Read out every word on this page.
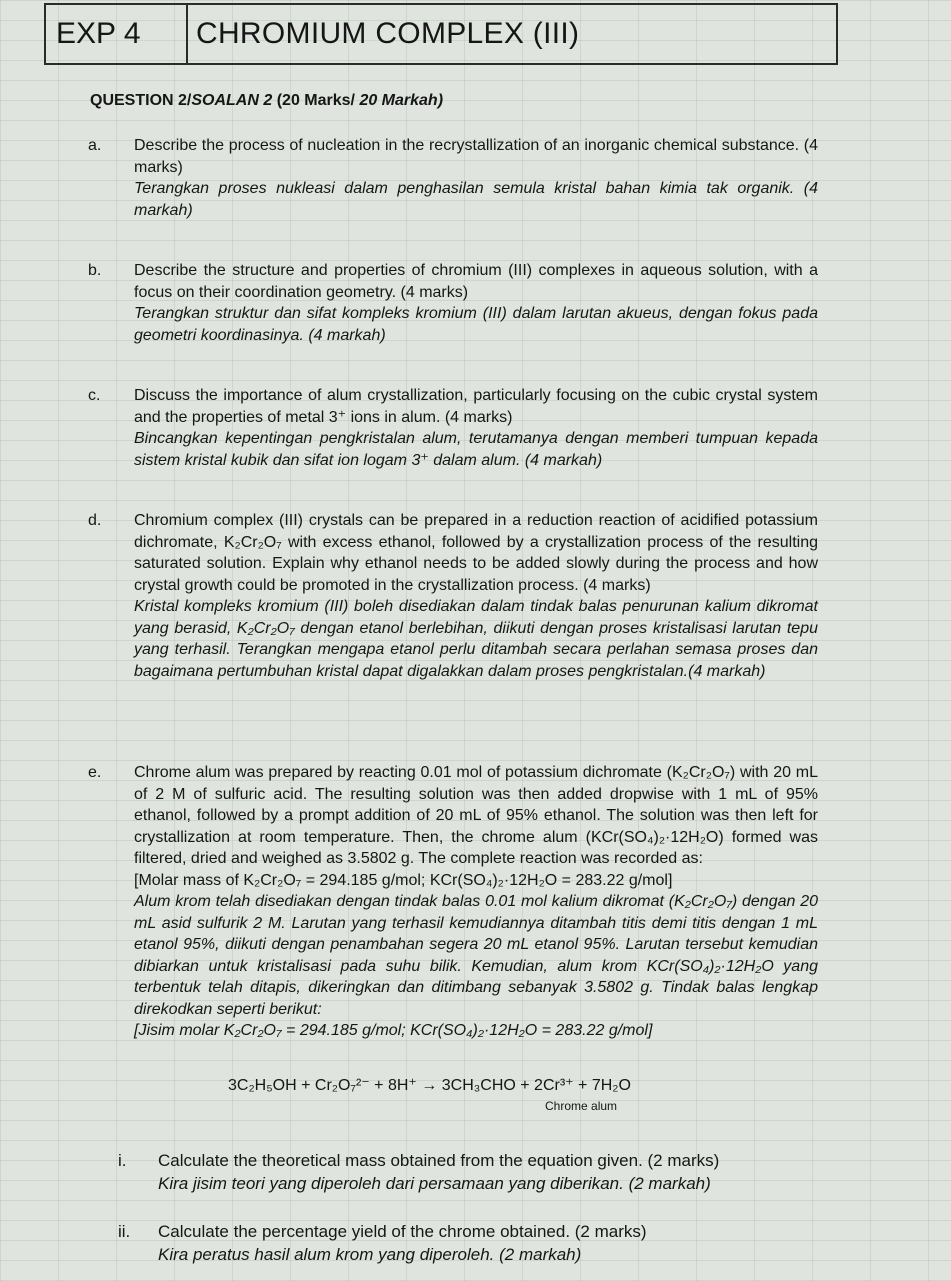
EXP 4	CHROMIUM COMPLEX (III)
QUESTION 2/SOALAN 2 (20 Marks/ 20 Markah)
a. Describe the process of nucleation in the recrystallization of an inorganic chemical substance. (4 marks)

Terangkan proses nukleasi dalam penghasilan semula kristal bahan kimia tak organik. (4 markah)

b. Describe the structure and properties of chromium (III) complexes in aqueous solution, with a focus on their coordination geometry. (4 marks)

Terangkan struktur dan sifat kompleks kromium (III) dalam larutan akueus, dengan fokus pada geometri koordinasinya. (4 markah)

c. Discuss the importance of alum crystallization, particularly focusing on the cubic crystal system and the properties of metal 3⁺ ions in alum. (4 marks)

Bincangkan kepentingan pengkristalan alum, terutamanya dengan memberi tumpuan kepada sistem kristal kubik dan sifat ion logam 3⁺ dalam alum. (4 markah)

d. Chromium complex (III) crystals can be prepared in a reduction reaction of acidified potassium dichromate, K₂Cr₂O₇ with excess ethanol, followed by a crystallization process of the resulting saturated solution. Explain why ethanol needs to be added slowly during the process and how crystal growth could be promoted in the crystallization process. (4 marks)

Kristal kompleks kromium (III) boleh disediakan dalam tindak balas penurunan kalium dikromat yang berasid, K₂Cr₂O₇ dengan etanol berlebihan, diikuti dengan proses kristalisasi larutan tepu yang terhasil. Terangkan mengapa etanol perlu ditambah secara perlahan semasa proses dan bagaimana pertumbuhan kristal dapat digalakkan dalam proses pengkristalan.(4 markah)

e. Chrome alum was prepared by reacting 0.01 mol of potassium dichromate (K₂Cr₂O₇) with 20 mL of 2 M of sulfuric acid. The resulting solution was then added dropwise with 1 mL of 95% ethanol, followed by a prompt addition of 20 mL of 95% ethanol. The solution was then left for crystallization at room temperature. Then, the chrome alum (KCr(SO₄)₂·12H₂O) formed was filtered, dried and weighed as 3.5802 g. The complete reaction was recorded as:

[Molar mass of K₂Cr₂O₇ = 294.185 g/mol; KCr(SO₄)₂·12H₂O = 283.22 g/mol]

Alum krom telah disediakan dengan tindak balas 0.01 mol kalium dikromat (K₂Cr₂O₇) dengan 20 mL asid sulfurik 2 M. Larutan yang terhasil kemudiannya ditambah titis demi titis dengan 1 mL etanol 95%, diikuti dengan penambahan segera 20 mL etanol 95%. Larutan tersebut kemudian dibiarkan untuk kristalisasi pada suhu bilik. Kemudian, alum krom KCr(SO₄)₂·12H₂O yang terbentuk telah ditapis, dikeringkan dan ditimbang sebanyak 3.5802 g. Tindak balas lengkap direkodkan seperti berikut:

[Jisim molar K₂Cr₂O₇ = 294.185 g/mol; KCr(SO₄)₂·12H₂O = 283.22 g/mol]

3C₂H₅OH + Cr₂O₇²⁻ + 8H⁺ → 3CH₃CHO + 2Cr³⁺ + 7H₂O
Chrome alum
i. Calculate the theoretical mass obtained from the equation given. (2 marks)

Kira jisim teori yang diperoleh dari persamaan yang diberikan. (2 markah)

ii. Calculate the percentage yield of the chrome obtained. (2 marks)

Kira peratus hasil alum krom yang diperoleh. (2 markah)
